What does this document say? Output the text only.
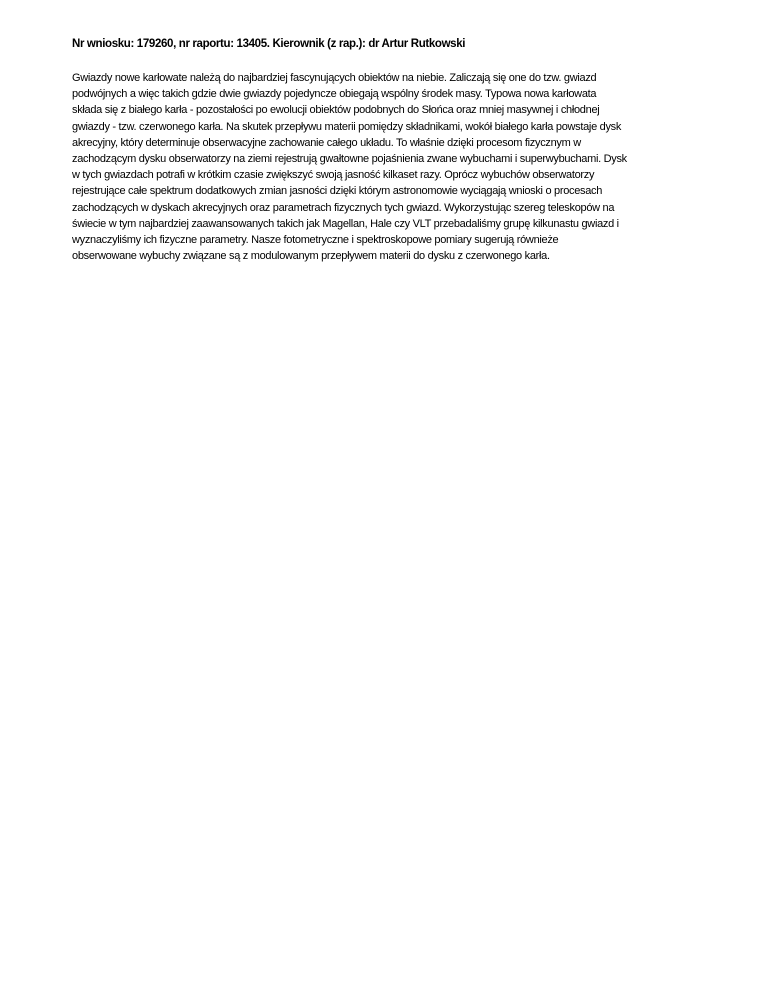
Nr wniosku: 179260, nr raportu: 13405. Kierownik (z rap.): dr Artur Rutkowski
Gwiazdy nowe karłowate należą do najbardziej fascynujących obiektów na niebie. Zaliczają się one do tzw. gwiazd
podwójnych a więc takich gdzie dwie gwiazdy pojedyncze obiegają wspólny środek masy. Typowa nowa karłowata
składa się z białego karła - pozostałości po ewolucji obiektów podobnych do Słońca oraz mniej masywnej i chłodnej
gwiazdy - tzw. czerwonego karła. Na skutek przepływu materii pomiędzy składnikami, wokół białego karła powstaje dysk
akrecyjny, który determinuje obserwacyjne zachowanie całego układu. To właśnie dzięki procesom fizycznym w
zachodzącym dysku obserwatorzy na ziemi rejestrują gwałtowne pojaśnienia zwane wybuchami i superwybuchami. Dysk
w tych gwiazdach potrafi w krótkim czasie zwiększyć swoją jasność kilkaset razy. Oprócz wybuchów obserwatorzy
rejestrujące całe spektrum dodatkowych zmian jasności dzięki którym astronomowie wyciągają wnioski o procesach
zachodzących w dyskach akrecyjnych oraz parametrach fizycznych tych gwiazd. Wykorzystując szereg teleskopów na
świecie w tym najbardziej zaawansowanych takich jak Magellan, Hale czy VLT przebadaliśmy grupę kilkunastu gwiazd i
wyznaczyliśmy ich fizyczne parametry. Nasze fotometryczne i spektroskopowe pomiary sugerują równieże
obserwowane wybuchy związane są z modulowanym przepływem materii do dysku z czerwonego karła.
